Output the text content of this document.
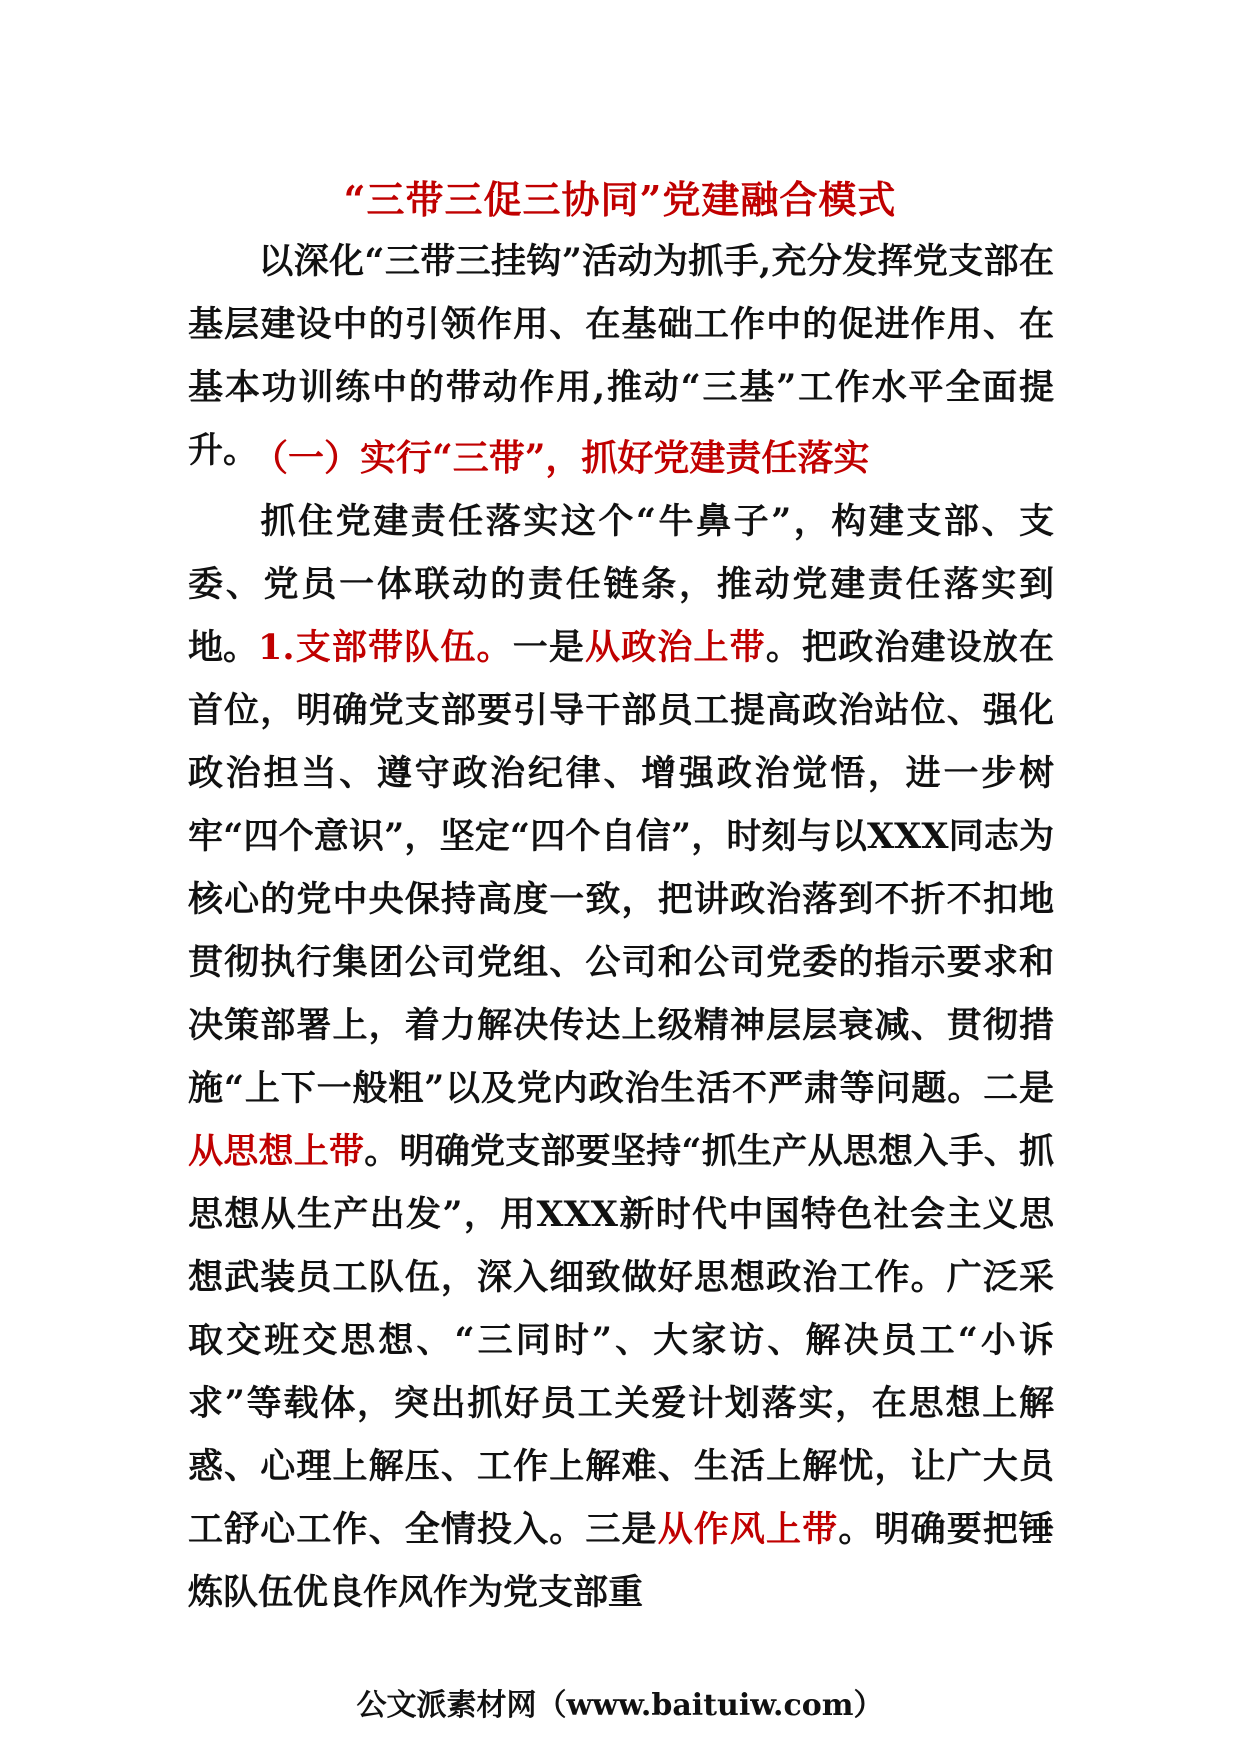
“三带三促三协同”党建融合模式

以深化“三带三挂钩”活动为抓手,充分发挥党支部在基层建设中的引领作用、在基础工作中的促进作用、在基本功训练中的带动作用,推动“三基”工作水平全面提升。

（一）实行“三带”，抓好党建责任落实

抓住党建责任落实这个“牛鼻子”，构建支部、支委、党员一体联动的责任链条，推动党建责任落实到地。 1.支部带队伍。一是从政治上带。把政治建设放在首位，明确党支部要引导干部员工提高政治站位、强化政治担当、遵守政治纪律、增强政治觉悟，进一步树牢“四个意识”，坚定“四个自信”，时刻与以XXX同志为核心的党中央保持高度一致，把讲政治落到不折不扣地贯彻执行集团公司党组、公司和公司党委的指示要求和决策部署上，着力解决传达上级精神层层衰减、贯彻措施“上下一般粗”以及党内政治生活不严肃等问题。二是从思想上带。明确党支部要坚持“抓生产从思想入手、抓思想从生产出发”，用XXX新时代中国特色社会主义思想武装员工队伍，深入细致做好思想政治工作。广泛采取交班交思想、“三同时”、大家访、解决员工“小诉求”等载体，突出抓好员工关爱计划落实，在思想上解惑、心理上解压、工作上解难、生活上解忧，让广大员工舒心工作、全情投入。三是从作风上带。明确要把锤炼队伍优良作风作为党支部重

公文派素材网（www.baituiw.com）
